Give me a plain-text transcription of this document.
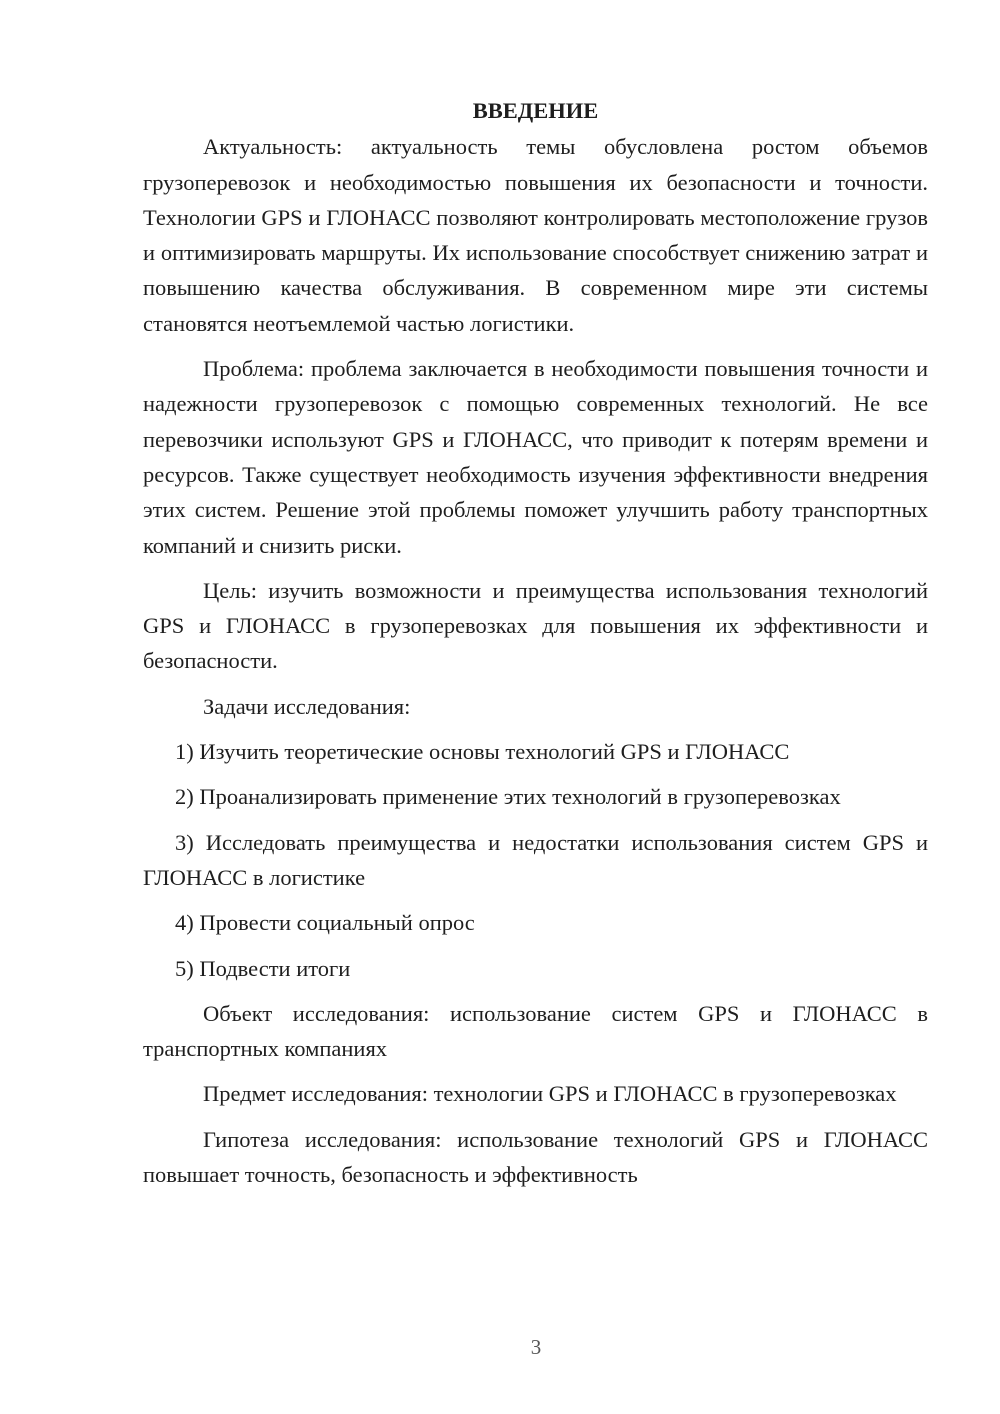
ВВЕДЕНИЕ

Актуальность: актуальность темы обусловлена ростом объемов грузоперевозок и необходимостью повышения их безопасности и точности. Технологии GPS и ГЛОНАСС позволяют контролировать местоположение грузов и оптимизировать маршруты. Их использование способствует снижению затрат и повышению качества обслуживания. В современном мире эти системы становятся неотъемлемой частью логистики.

Проблема: проблема заключается в необходимости повышения точности и надежности грузоперевозок с помощью современных технологий. Не все перевозчики используют GPS и ГЛОНАСС, что приводит к потерям времени и ресурсов. Также существует необходимость изучения эффективности внедрения этих систем. Решение этой проблемы поможет улучшить работу транспортных компаний и снизить риски.

Цель: изучить возможности и преимущества использования технологий GPS и ГЛОНАСС в грузоперевозках для повышения их эффективности и безопасности.

Задачи исследования:

1) Изучить теоретические основы технологий GPS и ГЛОНАСС

2) Проанализировать применение этих технологий в грузоперевозках

3) Исследовать преимущества и недостатки использования систем GPS и ГЛОНАСС в логистике

4) Провести социальный опрос

5) Подвести итоги

Объект исследования: использование систем GPS и ГЛОНАСС в транспортных компаниях

Предмет исследования: технологии GPS и ГЛОНАСС в грузоперевозках

Гипотеза исследования: использование технологий GPS и ГЛОНАСС повышает точность, безопасность и эффективность

3
